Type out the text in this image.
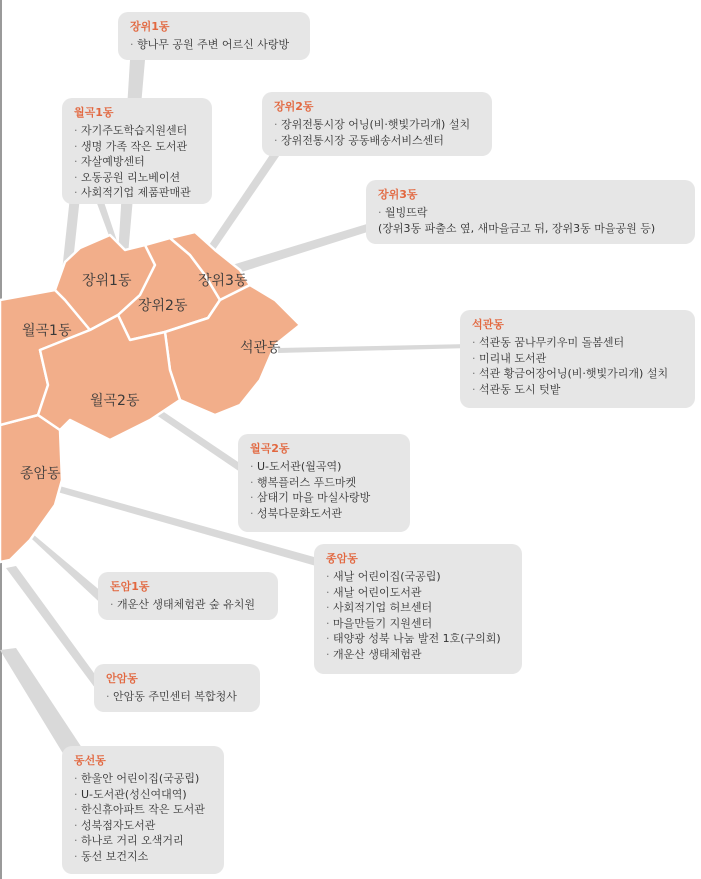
월곡1동
장위1동
장위2동
장위3동
석관동
월곡2동
종암동
장위1동
· 향나무 공원 주변 어르신 사랑방
월곡1동
· 자기주도학습지원센터
· 생명 가족 작은 도서관
· 자살예방센터
· 오동공원 리노베이션
· 사회적기업 제품판매관
장위2동
· 장위전통시장 어닝(비·햇빛가리개) 설치
· 장위전통시장 공동배송서비스센터
장위3동
· 월빙뜨락
(장위3동 파출소 옆, 새마을금고 뒤, 장위3동 마을공원 등)
석관동
· 석관동 꿈나무키우미 돌봄센터
· 미리내 도서관
· 석관 황금어장어닝(비·햇빛가리개) 설치
· 석관동 도시 텃밭
월곡2동
· U-도서관(월곡역)
· 행복플러스 푸드마켓
· 삼태기 마을 마실사랑방
· 성북다문화도서관
종암동
· 새날 어린이집(국공립)
· 새날 어린이도서관
· 사회적기업 허브센터
· 마을만들기 지원센터
· 태양광 성북 나눔 발전 1호(구의회)
· 개운산 생태체험관
돈암1동
· 개운산 생태체험관 숲 유치원
안암동
· 안암동 주민센터 복합청사
동선동
· 한울안 어린이집(국공립)
· U-도서관(성신여대역)
· 한신휴아파트 작은 도서관
· 성북점자도서관
· 하나로 거리 오색거리
· 동선 보건지소
